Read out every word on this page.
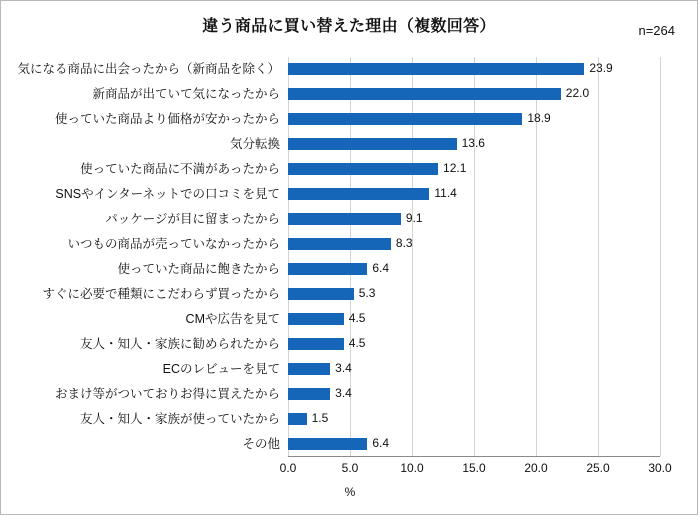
違う商品に買い替えた理由（複数回答）	n=264
気になる商品に出会ったから（新商品を除く）
新商品が出ていて気になったから
使っていた商品より価格が安かったから
気分転換
使っていた商品に不満があったから
SNSやインターネットでの口コミを見て
パッケージが目に留まったから
いつもの商品が売っていなかったから
使っていた商品に飽きたから
すぐに必要で種類にこだわらず買ったから
CMや広告を見て
友人・知人・家族に勧められたから
ECのレビューを見て
おまけ等がついておりお得に買えたから
友人・知人・家族が使っていたから
その他
0.0	5.0	10.0	15.0	20.0	25.0	30.0
23.9
22.0
18.9
13.6
12.1
11.4
9.1
8.3
6.4
5.3
4.5
4.5
3.4
3.4
1.5
6.4
%
